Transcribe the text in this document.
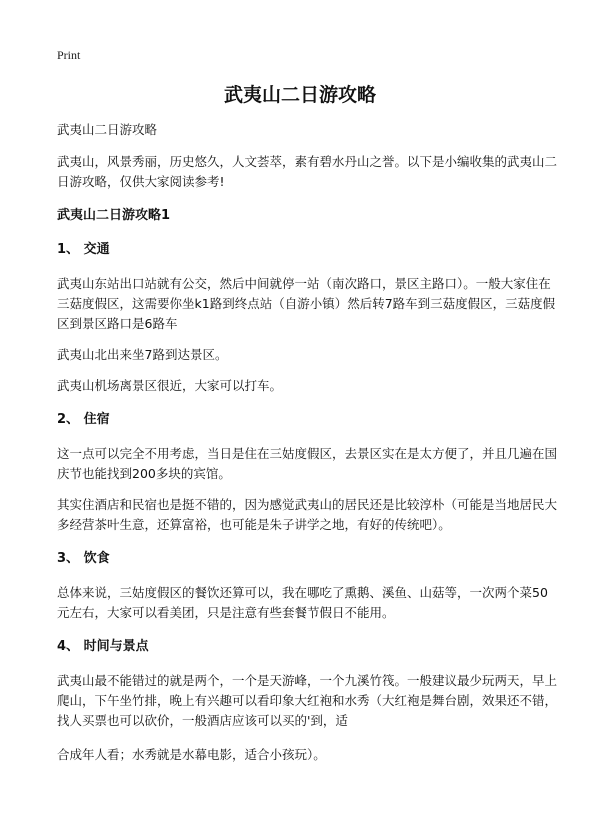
Print
武夷山二日游攻略

武夷山二日游攻略

武夷山，风景秀丽，历史悠久，人文荟萃，素有碧水丹山之誉。以下是小编收集的武夷山二日游攻略，仅供大家阅读参考!

武夷山二日游攻略1

1、 交通

武夷山东站出口站就有公交，然后中间就停一站（南次路口，景区主路口）。一般大家住在三菇度假区，这需要你坐k1路到终点站（自游小镇）然后转7路车到三菇度假区，三菇度假区到景区路口是6路车

武夷山北出来坐7路到达景区。

武夷山机场离景区很近，大家可以打车。

2、 住宿

这一点可以完全不用考虑，当日是住在三姑度假区，去景区实在是太方便了，并且几遍在国庆节也能找到200多块的宾馆。

其实住酒店和民宿也是挺不错的，因为感觉武夷山的居民还是比较淳朴（可能是当地居民大多经营茶叶生意，还算富裕，也可能是朱子讲学之地，有好的传统吧）。

3、 饮食

总体来说，三姑度假区的餐饮还算可以，我在哪吃了熏鹅、溪鱼、山菇等，一次两个菜50元左右，大家可以看美团，只是注意有些套餐节假日不能用。

4、 时间与景点

武夷山最不能错过的就是两个，一个是天游峰，一个九溪竹筏。一般建议最少玩两天，早上爬山，下午坐竹排，晚上有兴趣可以看印象大红袍和水秀（大红袍是舞台剧，效果还不错，找人买票也可以砍价，一般酒店应该可以买的'到，适

合成年人看；水秀就是水幕电影，适合小孩玩）。
